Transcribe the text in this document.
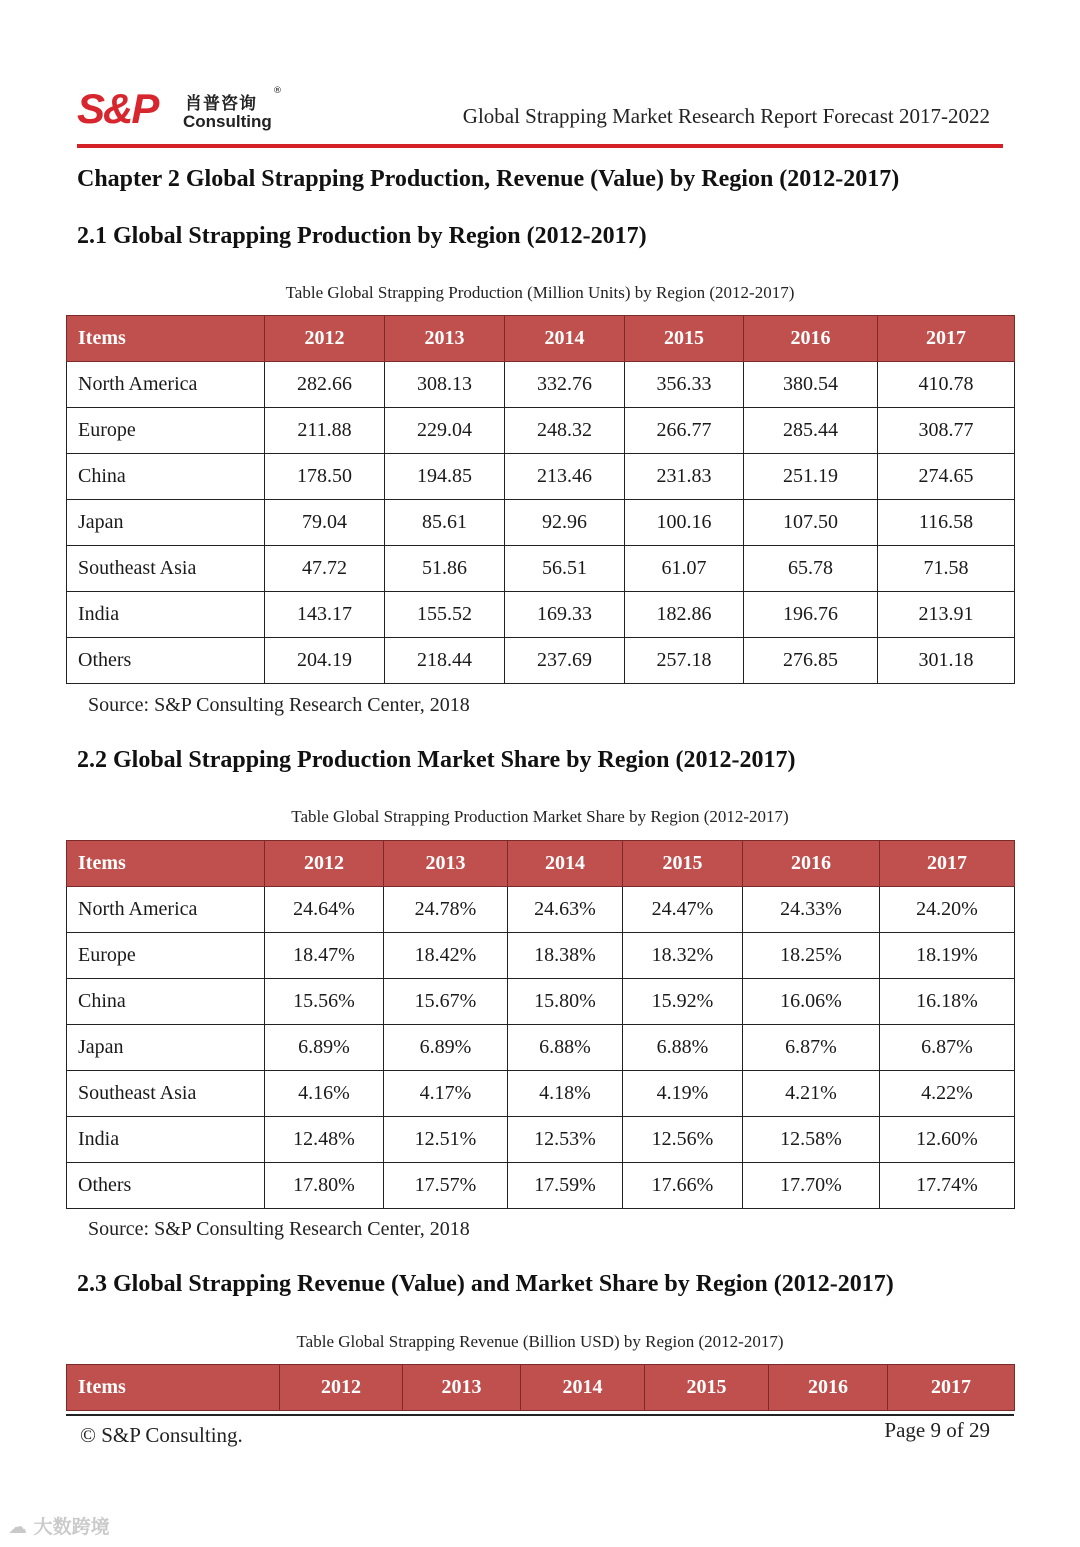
S&P 肖普咨询
®
Consulting	Global Strapping Market Research Report Forecast 2017-2022
Chapter 2 Global Strapping Production, Revenue (Value) by Region (2012-2017)
2.1 Global Strapping Production by Region (2012-2017)
Table Global Strapping Production (Million Units) by Region (2012-2017)
Items	2012	2013	2014	2015	2016	2017
North America	282.66	308.13	332.76	356.33	380.54	410.78
Europe	211.88	229.04	248.32	266.77	285.44	308.77
China	178.50	194.85	213.46	231.83	251.19	274.65
Japan	79.04	85.61	92.96	100.16	107.50	116.58
Southeast Asia	47.72	51.86	56.51	61.07	65.78	71.58
India	143.17	155.52	169.33	182.86	196.76	213.91
Others	204.19	218.44	237.69	257.18	276.85	301.18
Source: S&P Consulting Research Center, 2018
2.2 Global Strapping Production Market Share by Region (2012-2017)
Table Global Strapping Production Market Share by Region (2012-2017)
Items	2012	2013	2014	2015	2016	2017
North America	24.64%	24.78%	24.63%	24.47%	24.33%	24.20%
Europe	18.47%	18.42%	18.38%	18.32%	18.25%	18.19%
China	15.56%	15.67%	15.80%	15.92%	16.06%	16.18%
Japan	6.89%	6.89%	6.88%	6.88%	6.87%	6.87%
Southeast Asia	4.16%	4.17%	4.18%	4.19%	4.21%	4.22%
India	12.48%	12.51%	12.53%	12.56%	12.58%	12.60%
Others	17.80%	17.57%	17.59%	17.66%	17.70%	17.74%
Source: S&P Consulting Research Center, 2018
2.3 Global Strapping Revenue (Value) and Market Share by Region (2012-2017)
Table Global Strapping Revenue (Billion USD) by Region (2012-2017)
Items	2012	2013	2014	2015	2016	2017
© S&P Consulting.	Page 9 of 29
☁ 大数跨境
